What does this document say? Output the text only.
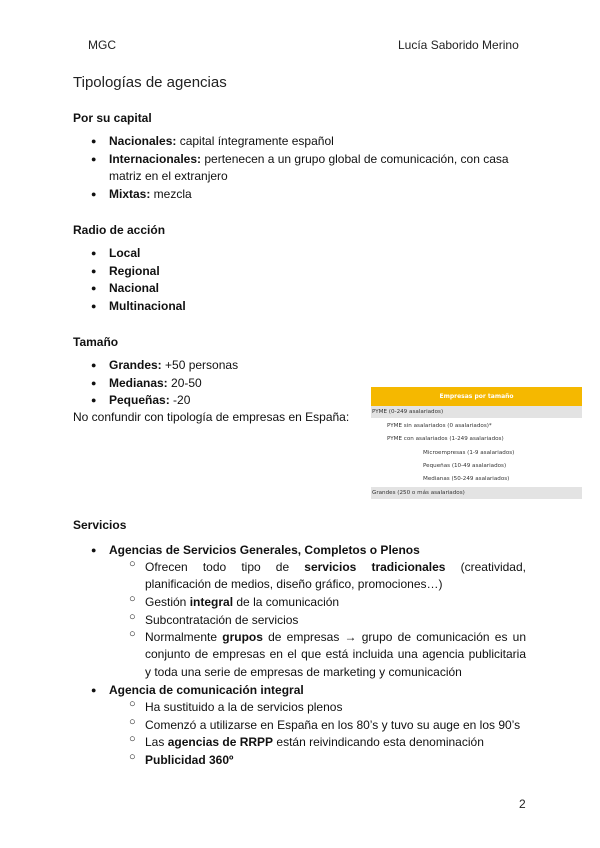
MGC	Lucía Saborido Merino
Tipologías de agencias
Por su capital
● Nacionales: capital íntegramente español
● Internacionales: pertenecen a un grupo global de comunicación, con casa
matriz en el extranjero
● Mixtas: mezcla
Radio de acción
● Local
● Regional
● Nacional
● Multinacional
Tamaño
● Grandes: +50 personas
● Medianas: 20-50
● Pequeñas: -20
No confundir con tipología de empresas en España:
Empresas por tamaño
PYME (0-249 asalariados)
PYME sin asalariados (0 asalariados)*
PYME con asalariados (1-249 asalariados)
Microempresas (1-9 asalariados)
Pequeñas (10-49 asalariados)
Medianas (50-249 asalariados)
Grandes (250 o más asalariados)
Servicios
● Agencias de Servicios Generales, Completos o Plenos
○ Ofrecen todo tipo de servicios tradicionales (creatividad,
planificación de medios, diseño gráfico, promociones…)
○ Gestión integral de la comunicación
○ Subcontratación de servicios
○ Normalmente grupos de empresas → grupo de comunicación es un
conjunto de empresas en el que está incluida una agencia publicitaria
y toda una serie de empresas de marketing y comunicación
● Agencia de comunicación integral
○ Ha sustituido a la de servicios plenos
○ Comenzó a utilizarse en España en los 80’s y tuvo su auge en los 90’s
○ Las agencias de RRPP están reivindicando esta denominación
○ Publicidad 360º
2
